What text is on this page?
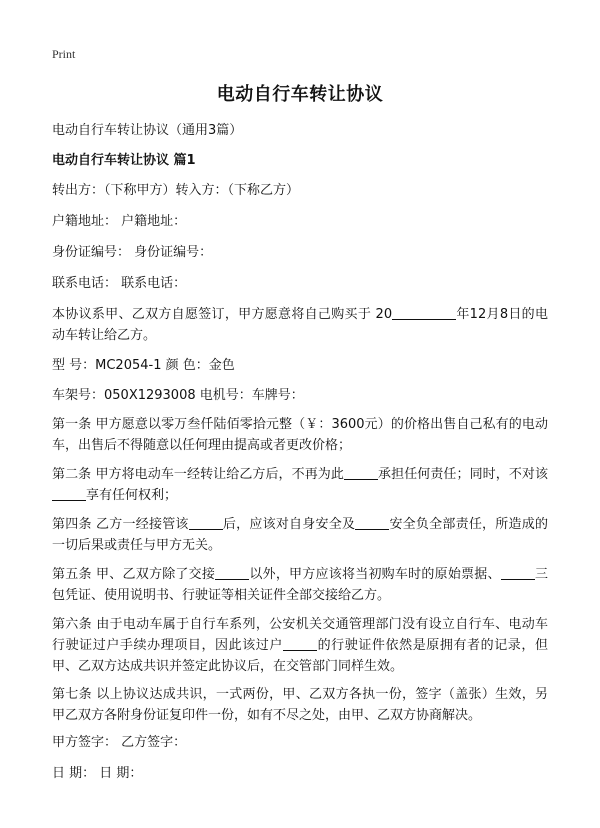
Print
电动自行车转让协议
电动自行车转让协议（通用3篇）
电动自行车转让协议 篇1
转出方：（下称甲方）转入方：（下称乙方）
户籍地址： 户籍地址：
身份证编号： 身份证编号：
联系电话： 联系电话：
本协议系甲、乙双方自愿签订，甲方愿意将自己购买于 20	年12月8日的电动车转让给乙方。
型 号：MC2054-1 颜 色：金色
车架号：050X1293008 电机号：车牌号：
第一条 甲方愿意以零万叁仟陆佰零拾元整（￥：3600元）的价格出售自己私有的电动车，出售后不得随意以任何理由提高或者更改价格；
第二条 甲方将电动车一经转让给乙方后，不再为此	承担任何责任；同时，不对该享有任何权利；
第四条 乙方一经接管该	后，应该对自身安全及	安全负全部责任，所造成的一切后果或责任与甲方无关。
第五条 甲、乙双方除了交接	以外，甲方应该将当初购车时的原始票据、	三包凭证、使用说明书、行驶证等相关证件全部交接给乙方。
第六条 由于电动车属于自行车系列，公安机关交通管理部门没有设立自行车、电动车行驶证过户手续办理项目，因此该过户	的行驶证件依然是原拥有者的记录，但甲、乙双方达成共识并签定此协议后，在交管部门同样生效。
第七条 以上协议达成共识，一式两份，甲、乙双方各执一份，签字（盖张）生效，另甲乙双方各附身份证复印件一份，如有不尽之处，由甲、乙双方协商解决。
甲方签字： 乙方签字：
日 期： 日 期：
